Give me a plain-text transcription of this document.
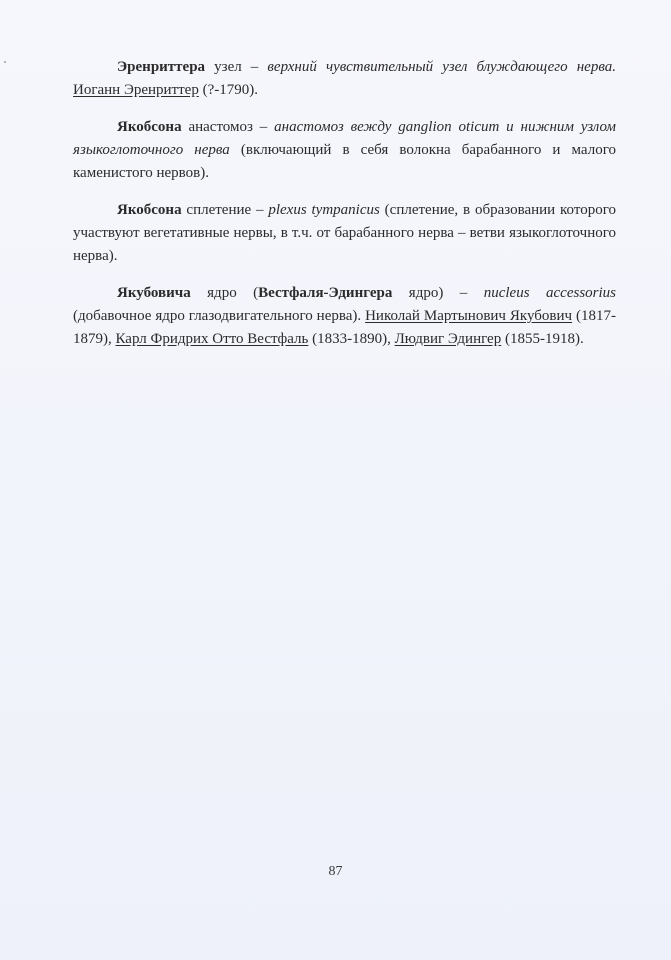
Эренриттера узел – верхний чувствительный узел блуждающего нерва. Иоганн Эренриттер (?-1790).

Якобсона анастомоз – анастомоз вежду ganglion oticum и нижним узлом языкоглоточного нерва (включающий в себя волокна барабанного и малого каменистого нервов).

Якобсона сплетение – plexus tympanicus (сплетение, в образовании которого участвуют вегетативные нервы, в т.ч. от барабанного нерва – ветви языкоглоточного нерва).

Якубовича ядро (Вестфаля-Эдингера ядро) – nucleus accessorius (добавочное ядро глазодвигательного нерва). Николай Мартынович Якубович (1817-1879), Карл Фридрих Отто Вестфаль (1833-1890), Людвиг Эдингер (1855-1918).

87
